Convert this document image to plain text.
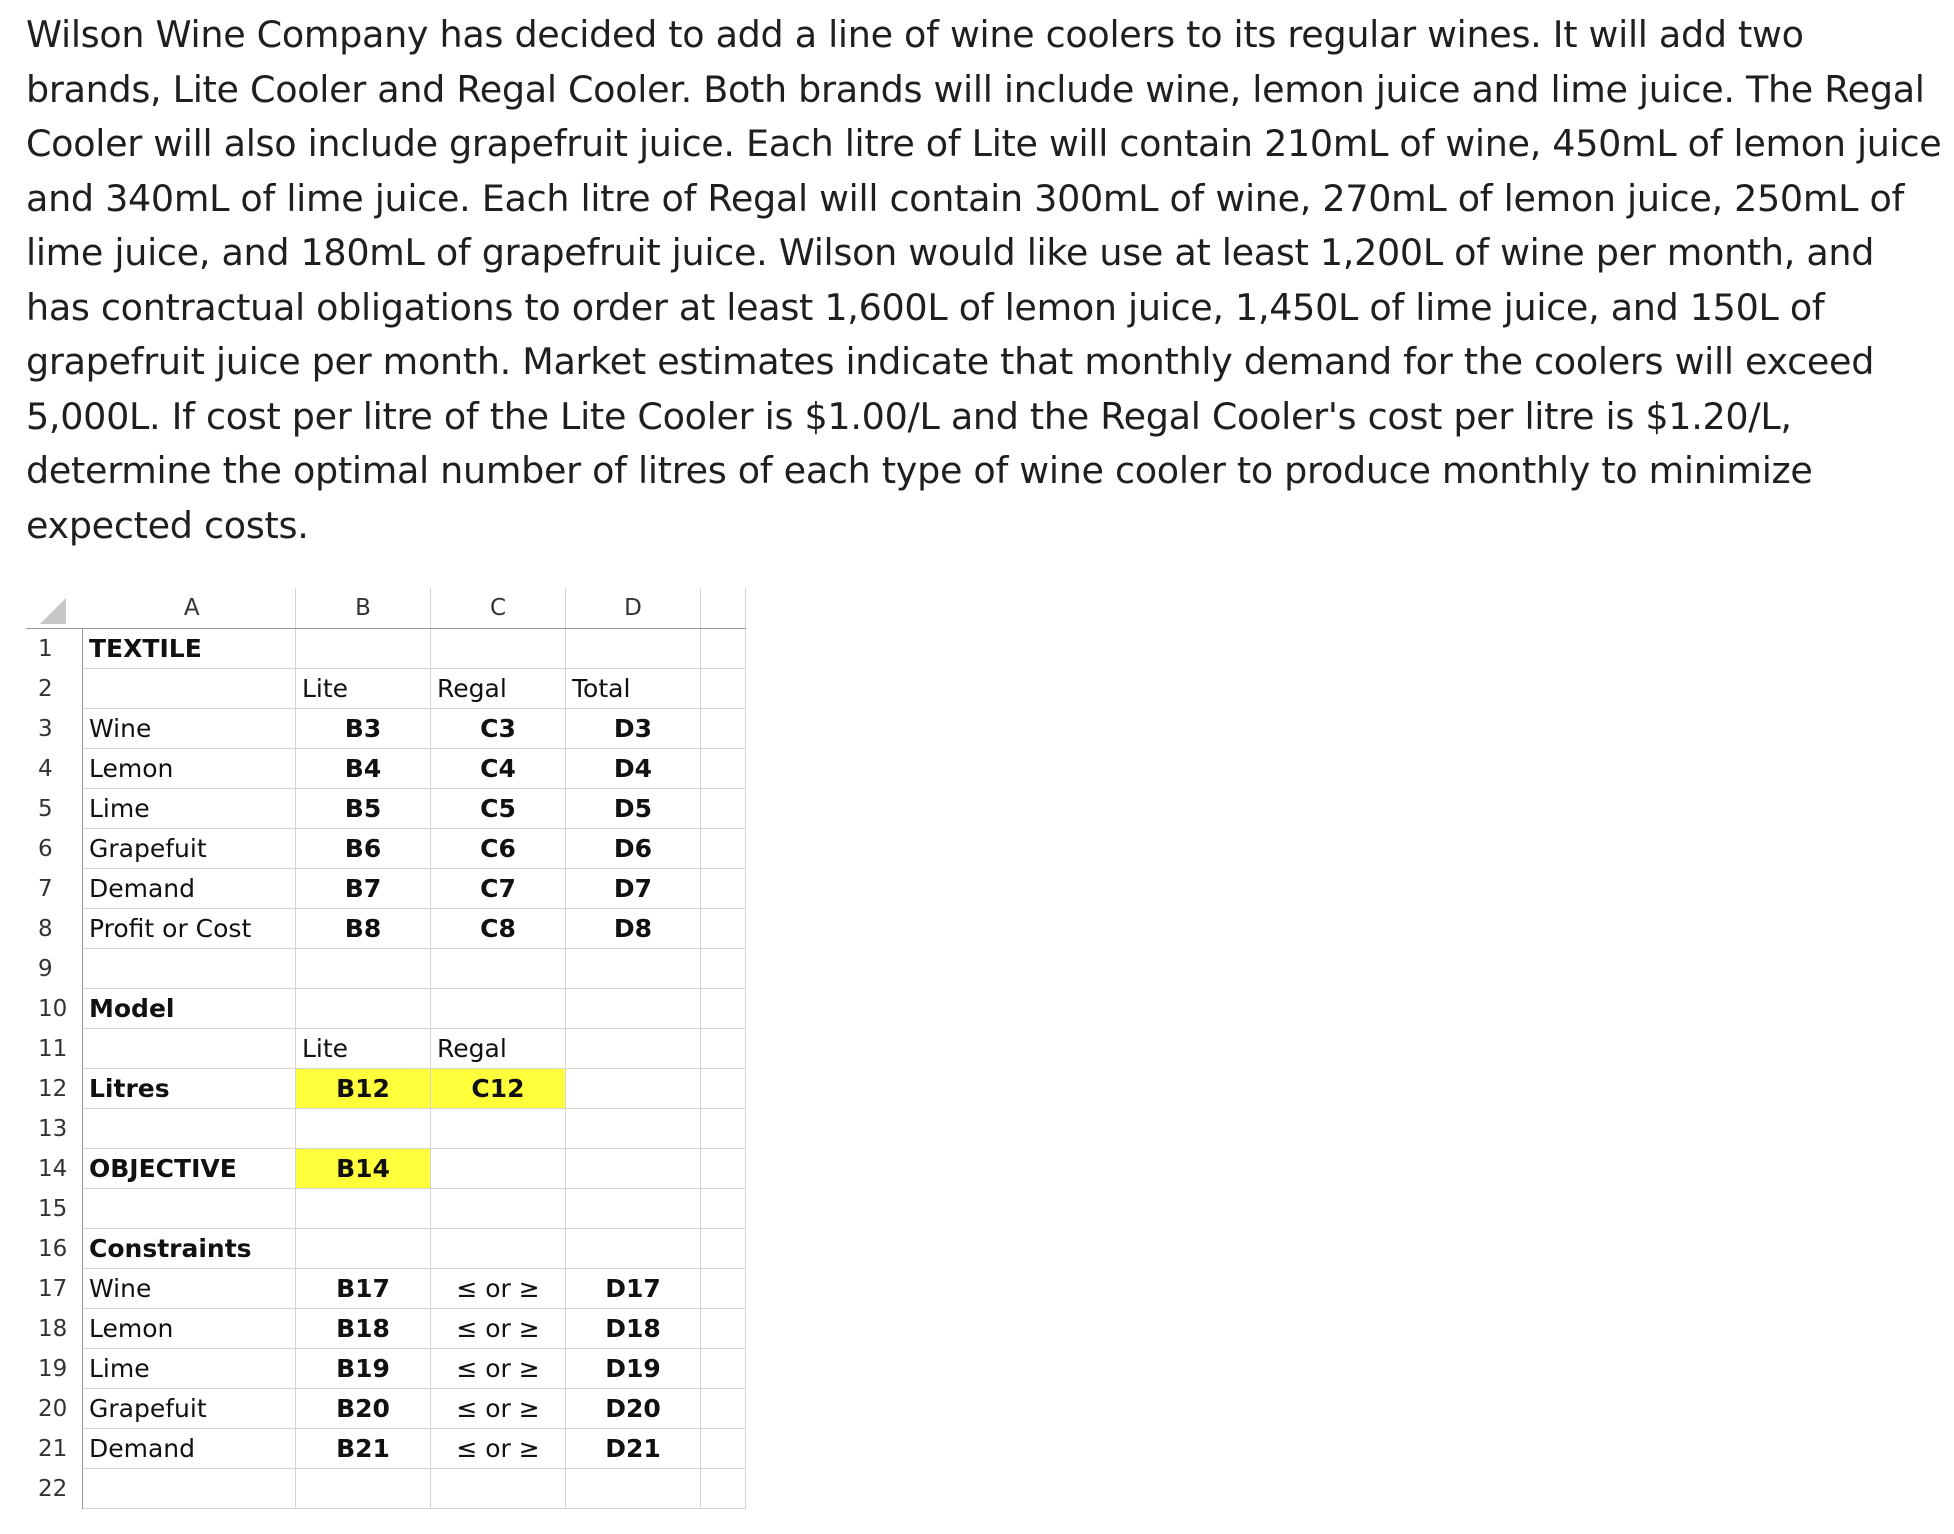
Wilson Wine Company has decided to add a line of wine coolers to its regular wines. It will add two

brands, Lite Cooler and Regal Cooler. Both brands will include wine, lemon juice and lime juice. The Regal

Cooler will also include grapefruit juice. Each litre of Lite will contain 210mL of wine, 450mL of lemon juice

and 340mL of lime juice. Each litre of Regal will contain 300mL of wine, 270mL of lemon juice, 250mL of

lime juice, and 180mL of grapefruit juice. Wilson would like use at least 1,200L of wine per month, and

has contractual obligations to order at least 1,600L of lemon juice, 1,450L of lime juice, and 150L of

grapefruit juice per month. Market estimates indicate that monthly demand for the coolers will exceed

5,000L. If cost per litre of the Lite Cooler is $1.00/L and the Regal Cooler's cost per litre is $1.20/L,

determine the optimal number of litres of each type of wine cooler to produce monthly to minimize

expected costs.

	A	B	C	D	
1	TEXTILE				
2		Lite	Regal	Total	
3	Wine	B3	C3	D3	
4	Lemon	B4	C4	D4	
5	Lime	B5	C5	D5	
6	Grapefuit	B6	C6	D6	
7	Demand	B7	C7	D7	
8	Profit or Cost	B8	C8	D8	
9					
10	Model				
11		Lite	Regal		
12	Litres	B12	C12		
13					
14	OBJECTIVE	B14			
15					
16	Constraints				
17	Wine	B17	≤ or ≥	D17	
18	Lemon	B18	≤ or ≥	D18	
19	Lime	B19	≤ or ≥	D19	
20	Grapefuit	B20	≤ or ≥	D20	
21	Demand	B21	≤ or ≥	D21	
22					
